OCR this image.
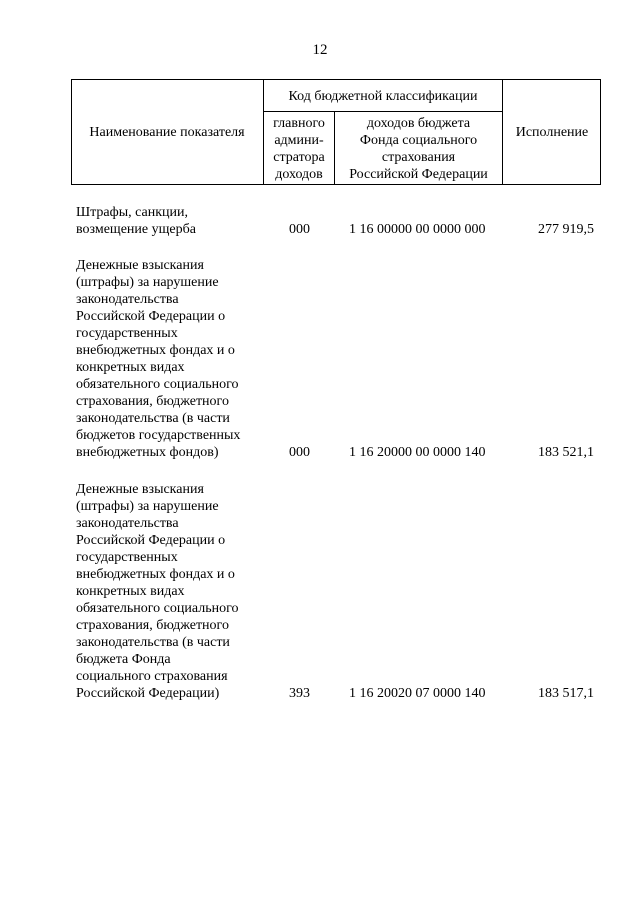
12
Наименование показателя
Код бюджетной классификации
главного
админи-
стратора
доходов
доходов бюджета
Фонда социального
страхования
Российской Федерации
Исполнение
Штрафы, санкции,
возмещение ущерба	000	1 16 00000 00 0000 000	277 919,5
Денежные взыскания
(штрафы) за нарушение
законодательства
Российской Федерации о
государственных
внебюджетных фондах и о
конкретных видах
обязательного социального
страхования, бюджетного
законодательства (в части
бюджетов государственных
внебюджетных фондов)	000	1 16 20000 00 0000 140	183 521,1
Денежные взыскания
(штрафы) за нарушение
законодательства
Российской Федерации о
государственных
внебюджетных фондах и о
конкретных видах
обязательного социального
страхования, бюджетного
законодательства (в части
бюджета Фонда
социального страхования
Российской Федерации)	393	1 16 20020 07 0000 140	183 517,1
